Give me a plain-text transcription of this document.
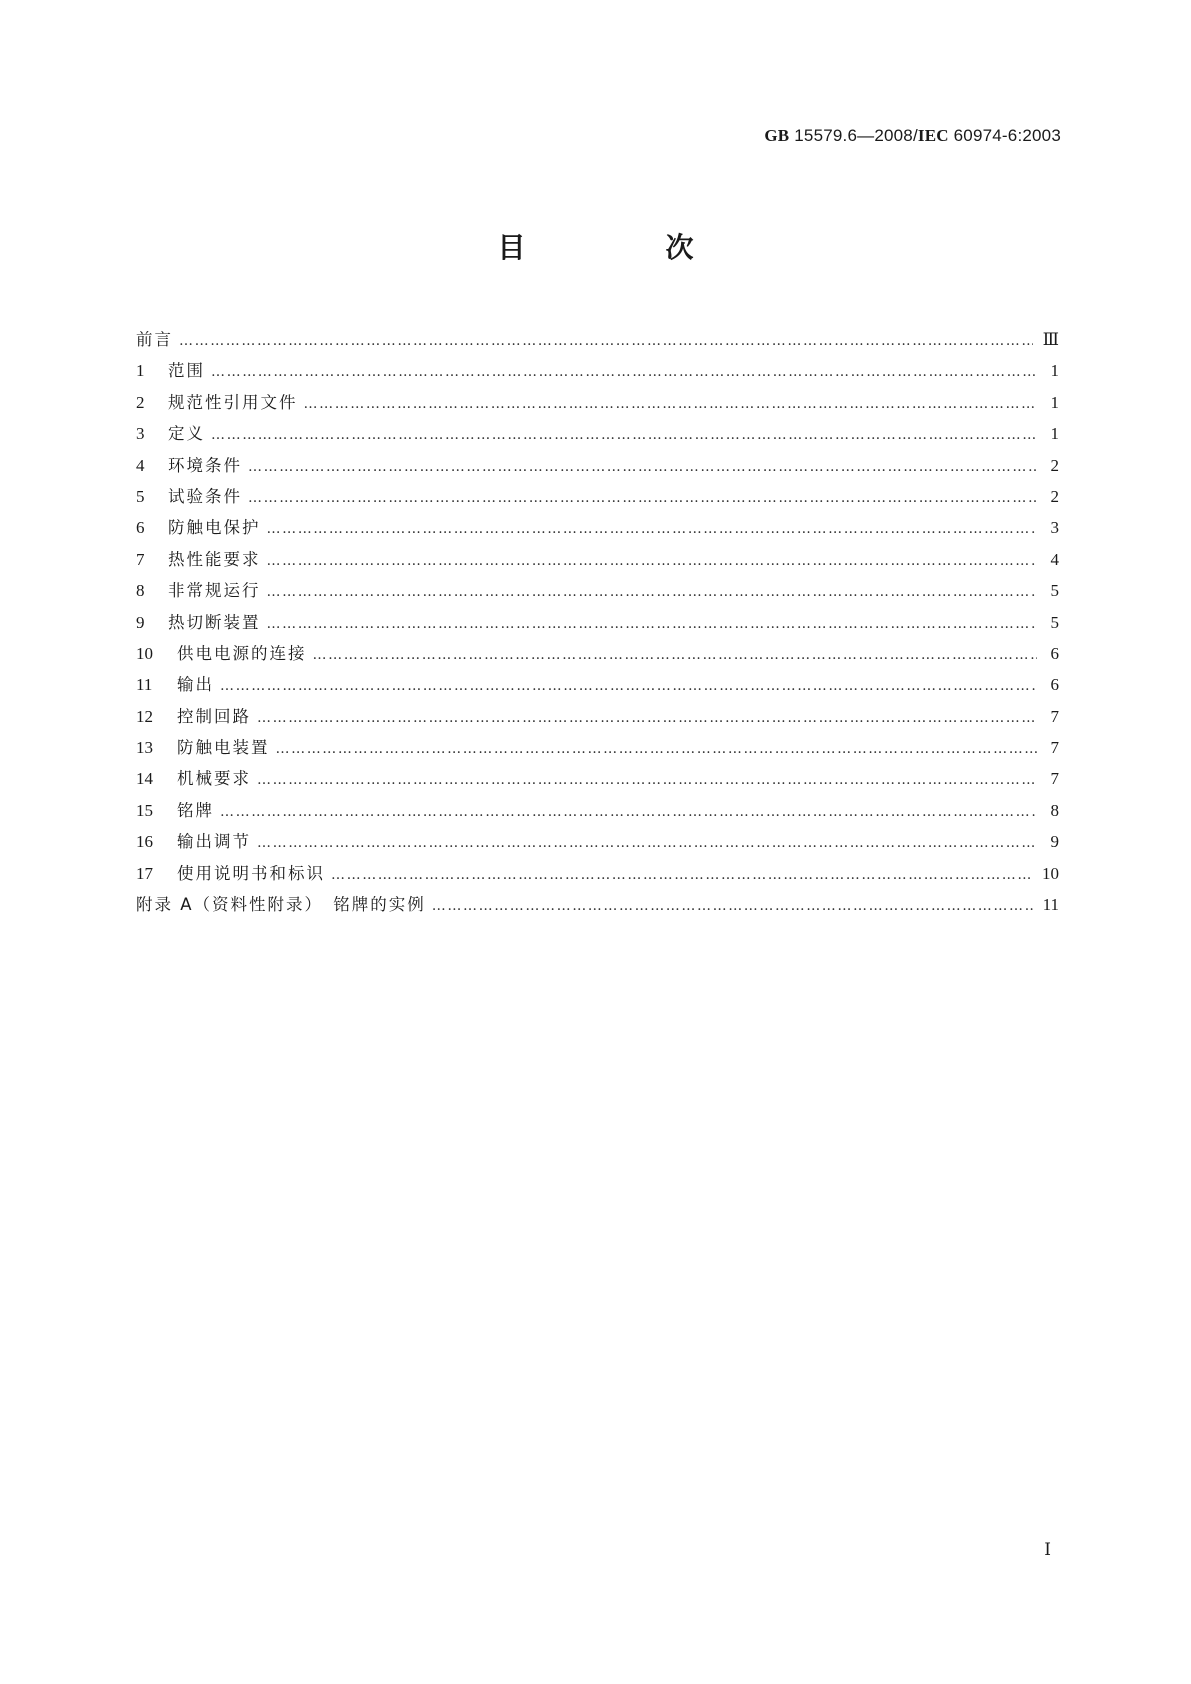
GB 15579.6—2008/IEC 60974-6:2003
目　次
前言 …………………………………………………………………………………………………………………………………………………………………………………………………………………	Ⅲ
1	范围 …………………………………………………………………………………………………………………………………………………………………………………………………………………	1
2	规范性引用文件 …………………………………………………………………………………………………………………………………………………………………………………………………………………	1
3	定义 …………………………………………………………………………………………………………………………………………………………………………………………………………………	1
4	环境条件 …………………………………………………………………………………………………………………………………………………………………………………………………………………	2
5	试验条件 …………………………………………………………………………………………………………………………………………………………………………………………………………………	2
6	防触电保护 …………………………………………………………………………………………………………………………………………………………………………………………………………………	3
7	热性能要求 …………………………………………………………………………………………………………………………………………………………………………………………………………………	4
8	非常规运行 …………………………………………………………………………………………………………………………………………………………………………………………………………………	5
9	热切断装置 …………………………………………………………………………………………………………………………………………………………………………………………………………………	5
10	供电电源的连接 …………………………………………………………………………………………………………………………………………………………………………………………………………………	6
11	输出 …………………………………………………………………………………………………………………………………………………………………………………………………………………	6
12	控制回路 …………………………………………………………………………………………………………………………………………………………………………………………………………………	7
13	防触电装置 …………………………………………………………………………………………………………………………………………………………………………………………………………………	7
14	机械要求 …………………………………………………………………………………………………………………………………………………………………………………………………………………	7
15	铭牌 …………………………………………………………………………………………………………………………………………………………………………………………………………………	8
16	输出调节 …………………………………………………………………………………………………………………………………………………………………………………………………………………	9
17	使用说明书和标识 …………………………………………………………………………………………………………………………………………………………………………………………………………………	10
附录 A（资料性附录）　铭牌的实例 …………………………………………………………………………………………………………………………………………………………………………………………………………………	11
Ⅰ
